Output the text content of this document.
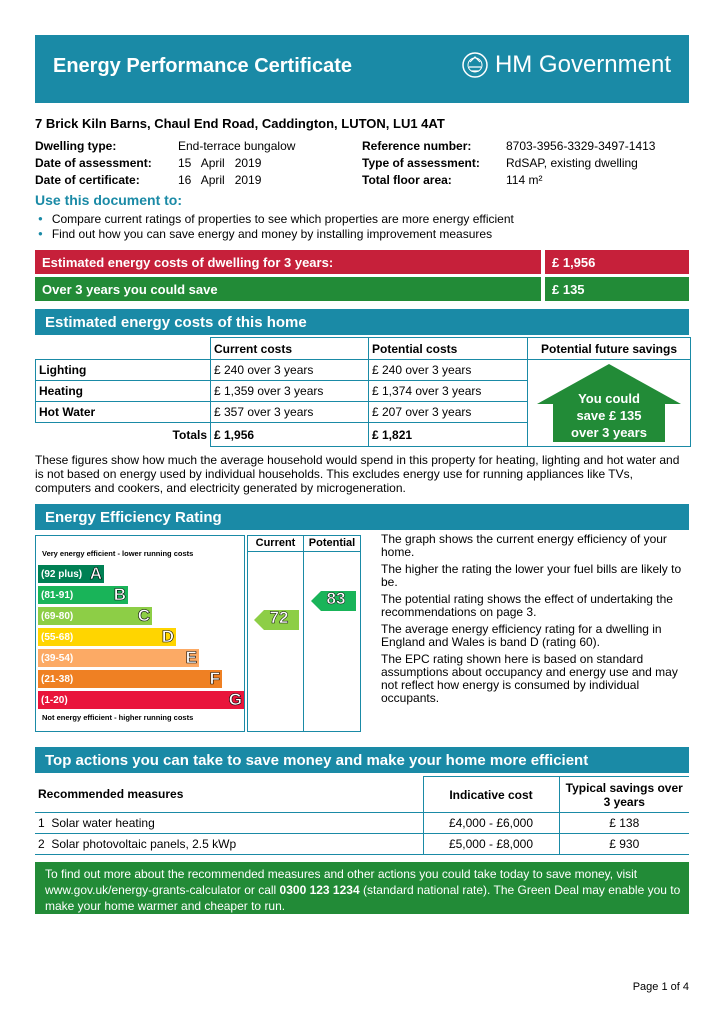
Energy Performance Certificate	HM Government
7 Brick Kiln Barns, Chaul End Road, Caddington, LUTON, LU1 4AT
Dwelling type:	End-terrace bungalow
Date of assessment: 15   April   2019
Date of certificate:	16   April   2019
Reference number:	8703-3956-3329-3497-1413
Type of assessment: RdSAP, existing dwelling
Total floor area:	114 m²
Use this document to:
● Compare current ratings of properties to see which properties are more energy efficient
● Find out how you can save energy and money by installing improvement measures
Estimated energy costs of dwelling for 3 years:	£ 1,956
Over 3 years you could save	£ 135
Estimated energy costs of this home
	Current costs	Potential costs	Potential future savings
Lighting	£ 240 over 3 years	£ 240 over 3 years	You could
save £ 135
over 3 years

Heating	£ 1,359 over 3 years	£ 1,374 over 3 years	
Hot Water	£ 357 over 3 years	£ 207 over 3 years	
Totals	£ 1,956	£ 1,821	
These figures show how much the average household would spend in this property for heating, lighting and hot water and is not based on energy used by individual households. This excludes energy use for running appliances like TVs, computers and cookers, and electricity generated by microgeneration.
Energy Efficiency Rating
Very energy efficient - lower running costs
(92 plus) A
(81-91) B
(69-80)	C
(55-68)	D
(39-54)	E
(21-38)	F
(1-20)	G
Not energy efficient - higher running costs
Current	Potential
72
83

The graph shows the current energy efficiency of your home.

The higher the rating the lower your fuel bills are likely to be.

The potential rating shows the effect of undertaking the recommendations on page 3.

The average energy efficiency rating for a dwelling in England and Wales is band D (rating 60).

The EPC rating shown here is based on standard assumptions about occupancy and energy use and may not reflect how energy is consumed by individual occupants.

Top actions you can take to save money and make your home more efficient
Recommended measures	Indicative cost	Typical savings over 3 years
1 Solar water heating	£4,000 - £6,000	£ 138
2 Solar photovoltaic panels, 2.5 kWp	£5,000 - £8,000	£ 930
To find out more about the recommended measures and other actions you could take today to save money, visit
www.gov.uk/energy-grants-calculator or call 0300 123 1234 (standard national rate). The Green Deal may enable you to
make your home warmer and cheaper to run.
Page 1 of 4
